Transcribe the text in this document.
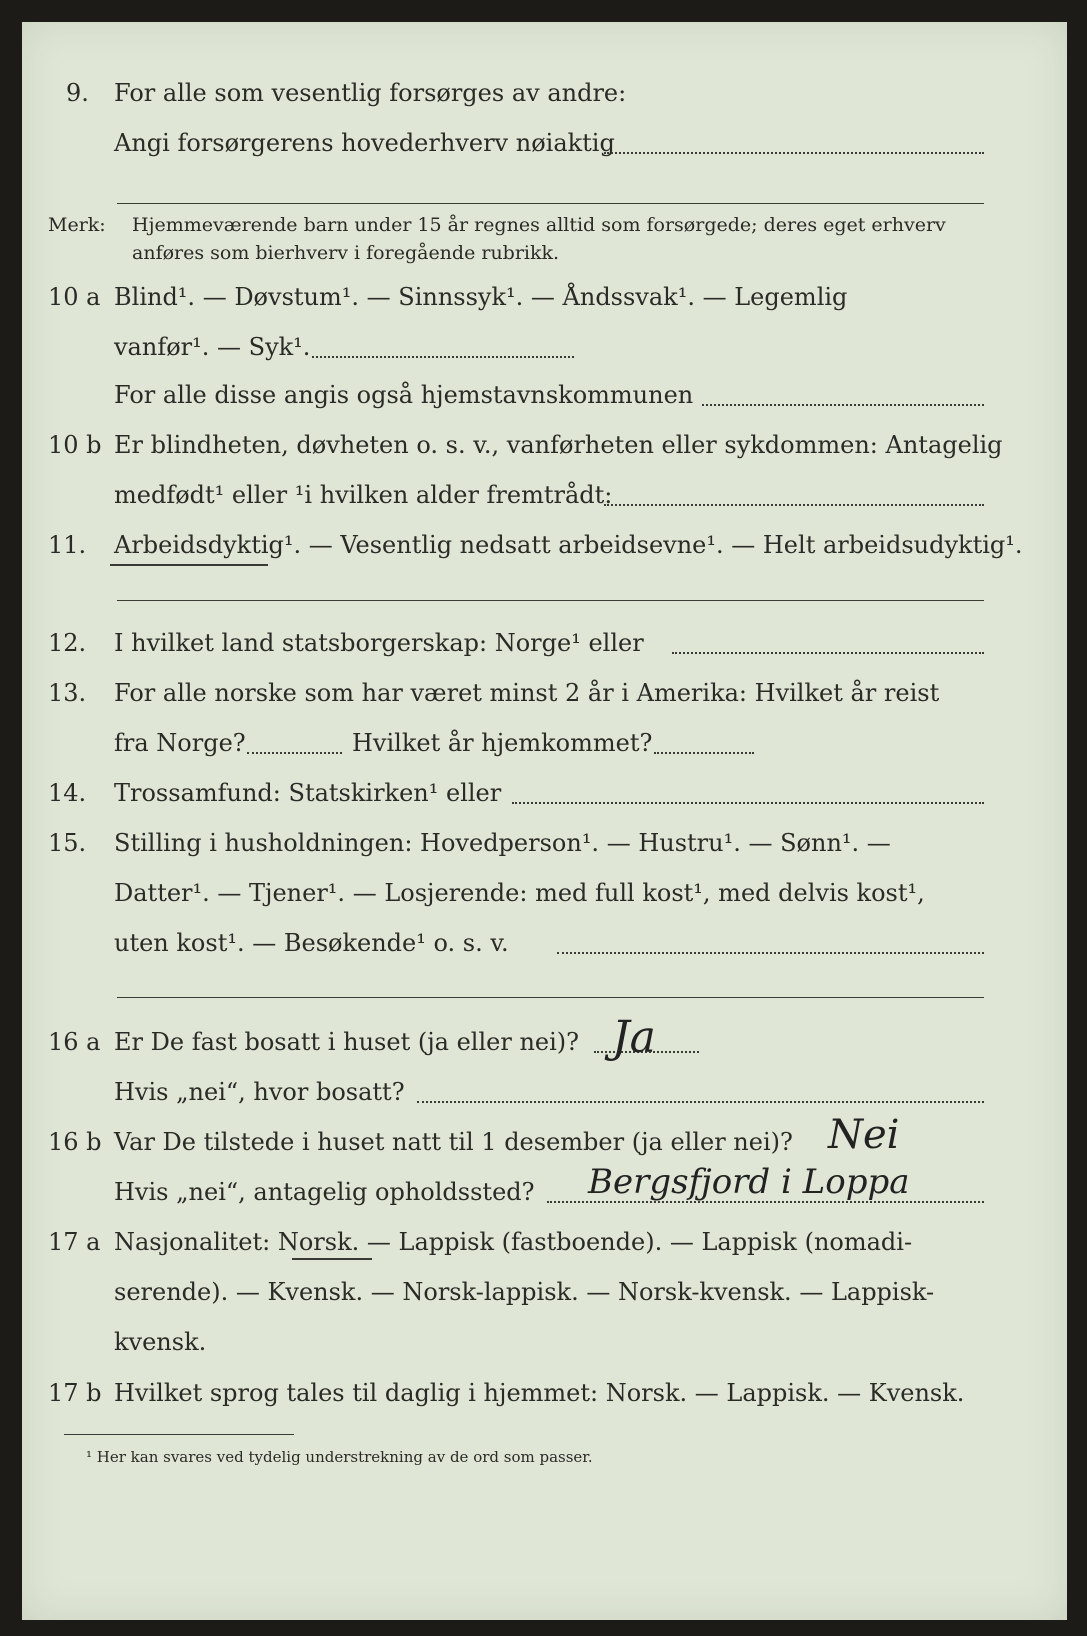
9. For alle som vesentlig forsørges av andre:
Angi forsørgerens hovederhverv nøiaktig
Merk: Hjemmeværende barn under 15 år regnes alltid som forsørgede; deres eget erhverv
anføres som bierhverv i foregående rubrikk.
10 a Blind¹. — Døvstum¹. — Sinnssyk¹. — Åndssvak¹. — Legemlig
vanfør¹. — Syk¹.
For alle disse angis også hjemstavnskommunen
10 b Er blindheten, døvheten o. s. v., vanførheten eller sykdommen: Antagelig
medfødt¹ eller ¹i hvilken alder fremtrådt:
11. Arbeidsdyktig¹. — Vesentlig nedsatt arbeidsevne¹. — Helt arbeidsudyktig¹.
12. I hvilket land statsborgerskap: Norge¹ eller
13. For alle norske som har været minst 2 år i Amerika: Hvilket år reist
fra Norge?	Hvilket år hjemkommet?
14. Trossamfund: Statskirken¹ eller
15. Stilling i husholdningen: Hovedperson¹. — Hustru¹. — Sønn¹. —
Datter¹. — Tjener¹. — Losjerende: med full kost¹, med delvis kost¹,
uten kost¹. — Besøkende¹ o. s. v.
16 a Er De fast bosatt i huset (ja eller nei)? Ja
Hvis „nei“, hvor bosatt?
16 b Var De tilstede i huset natt til 1 desember (ja eller nei)? Nei
Hvis „nei“, antagelig opholdssted? Bergsfjord i Loppa
17 a Nasjonalitet: Norsk. — Lappisk (fastboende). — Lappisk (nomadi-
serende). — Kvensk. — Norsk-lappisk. — Norsk-kvensk. — Lappisk-
kvensk.
17 b Hvilket sprog tales til daglig i hjemmet: Norsk. — Lappisk. — Kvensk.
¹ Her kan svares ved tydelig understrekning av de ord som passer.
